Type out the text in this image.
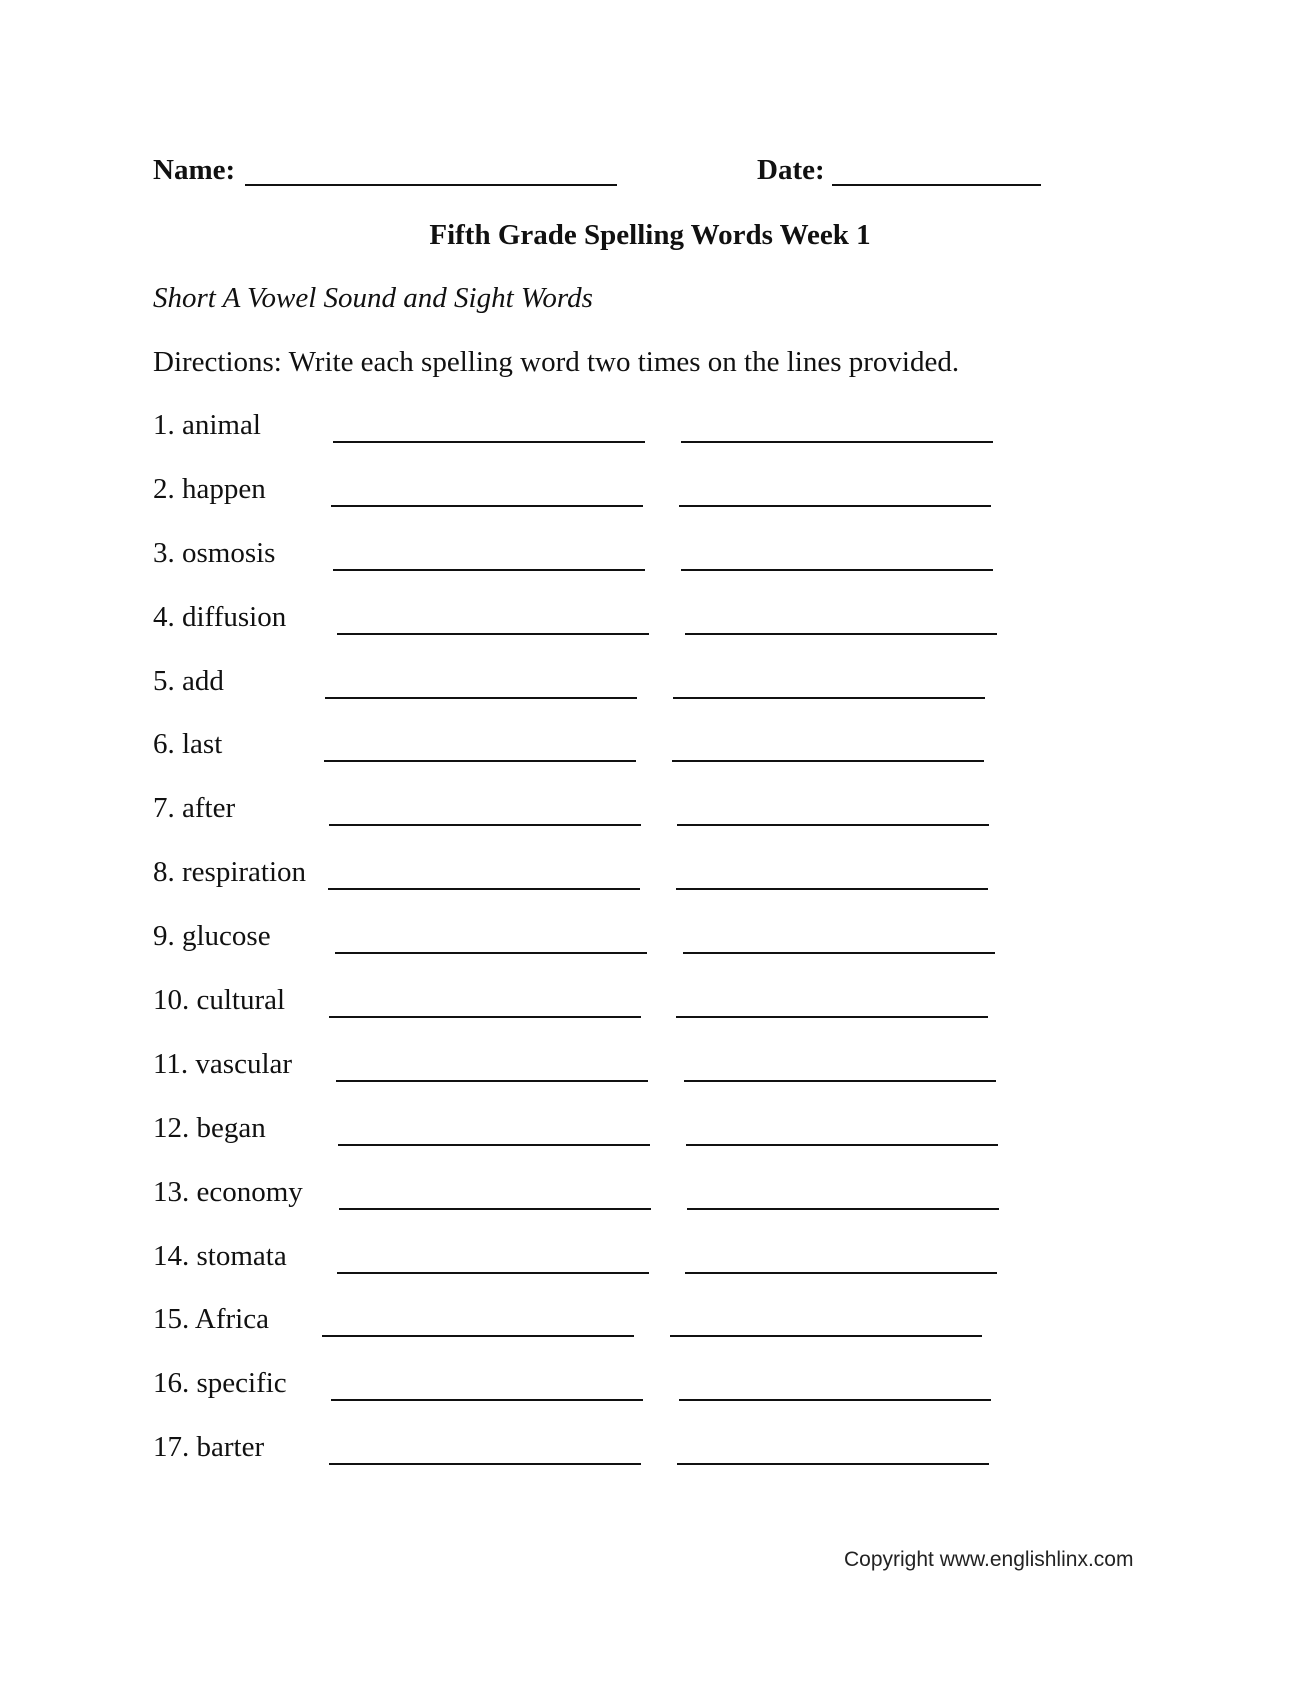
Name:	Date:
Fifth Grade Spelling Words Week 1
Short A Vowel Sound and Sight Words
Directions: Write each spelling word two times on the lines provided.
1. animal
2. happen
3. osmosis
4. diffusion
5. add
6. last
7. after
8. respiration
9. glucose
10. cultural
11. vascular
12. began
13. economy
14. stomata
15. Africa
16. specific
17. barter
Copyright www.englishlinx.com
